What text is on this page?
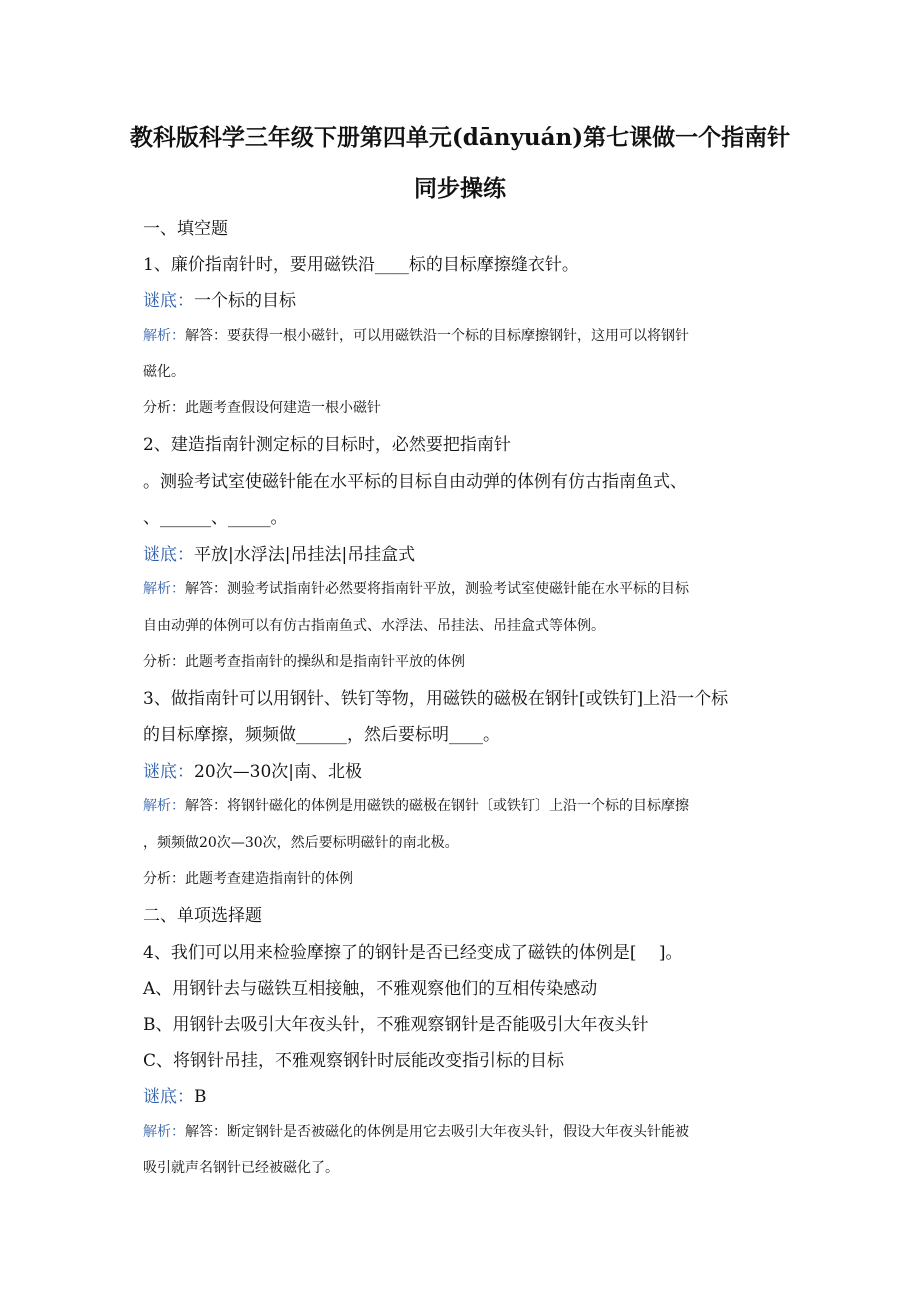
教科版科学三年级下册第四单元(dānyuán)第七课做一个指南针
同步操练
一、填空题
1、廉价指南针时，要用磁铁沿____标的目标摩擦缝衣针。
谜底：一个标的目标
解析：解答：要获得一根小磁针，可以用磁铁沿一个标的目标摩擦钢针，这用可以将钢针
磁化。
分析：此题考查假设何建造一根小磁针
2、建造指南针测定标的目标时，必然要把指南针
。测验考试室使磁针能在水平标的目标自由动弹的体例有仿古指南鱼式、
、______、_____。
谜底：平放|水浮法|吊挂法|吊挂盒式
解析：解答：测验考试指南针必然要将指南针平放，测验考试室使磁针能在水平标的目标
自由动弹的体例可以有仿古指南鱼式、水浮法、吊挂法、吊挂盒式等体例。
分析：此题考查指南针的操纵和是指南针平放的体例
3、做指南针可以用钢针、铁钉等物，用磁铁的磁极在钢针[或铁钉]上沿一个标
的目标摩擦，频频做______，然后要标明____。
谜底：20次—30次|南、北极
解析：解答：将钢针磁化的体例是用磁铁的磁极在钢针〔或铁钉〕上沿一个标的目标摩擦
，频频做20次—30次，然后要标明磁针的南北极。
分析：此题考查建造指南针的体例
二、单项选择题
4、我们可以用来检验摩擦了的钢针是否已经变成了磁铁的体例是[　 ]。
A、用钢针去与磁铁互相接触，不雅观察他们的互相传染感动
B、用钢针去吸引大年夜头针，不雅观察钢针是否能吸引大年夜头针
C、将钢针吊挂，不雅观察钢针时辰能改变指引标的目标
谜底：B
解析：解答：断定钢针是否被磁化的体例是用它去吸引大年夜头针，假设大年夜头针能被
吸引就声名钢针已经被磁化了。
